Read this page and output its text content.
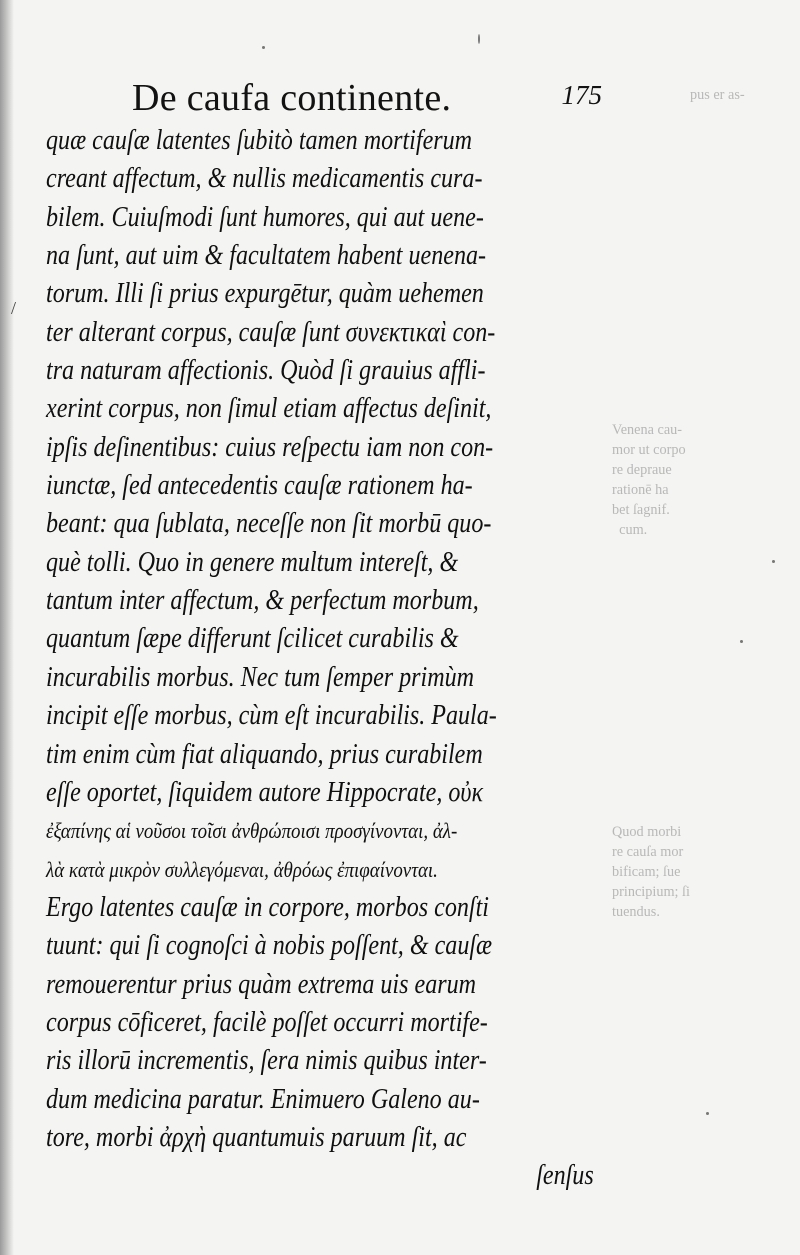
pus er as-
Venena cau-
mor ut corpo
re depraue
rationē ha
bet ſagnif.
cum.
Quod morbi
re cauſa mor
bificam; ſue
principium; ſi
tuendus.
/
De caufa continente.	175
quæ cauſæ latentes ſubitò tamen mortiferum
creant affectum, & nullis medicamentis cura-
bilem. Cuiuſmodi ſunt humores, qui aut uene-
na ſunt, aut uim & facultatem habent uenena-
torum. Illi ſi prius expurgētur, quàm uehemen
ter alterant corpus, cauſæ ſunt συνεκτικαὶ con-
tra naturam affectionis. Quòd ſi grauius affli-
xerint corpus, non ſimul etiam affectus deſinit,
ipſis deſinentibus: cuius reſpectu iam non con-
iunctæ, ſed antecedentis cauſæ rationem ha-
beant: qua ſublata, neceſſe non ſit morbū quo-
què tolli. Quo in genere multum intereſt, &
tantum inter affectum, & perfectum morbum,
quantum ſæpe differunt ſcilicet curabilis &
incurabilis morbus. Nec tum ſemper primùm
incipit eſſe morbus, cùm eſt incurabilis. Paula-
tim enim cùm fiat aliquando, prius curabilem
eſſe oportet, ſiquidem autore Hippocrate, οὐκ
ἐξαπίνης αἱ νοῦσοι τοῖσι ἀνθρώποισι προσγίνονται, ἀλ-
λὰ κατὰ μικρὸν συλλεγόμεναι, ἀθρόως ἐπιφαίνονται.
Ergo latentes cauſæ in corpore, morbos conſti
tuunt: qui ſi cognoſci à nobis poſſent, & cauſæ
remouerentur prius quàm extrema uis earum
corpus cōficeret, facilè poſſet occurri mortife-
ris illorū incrementis, ſera nimis quibus inter-
dum medicina paratur. Enimuero Galeno au-
tore, morbi ἀρχὴ quantumuis paruum ſit, ac
ſenſus
